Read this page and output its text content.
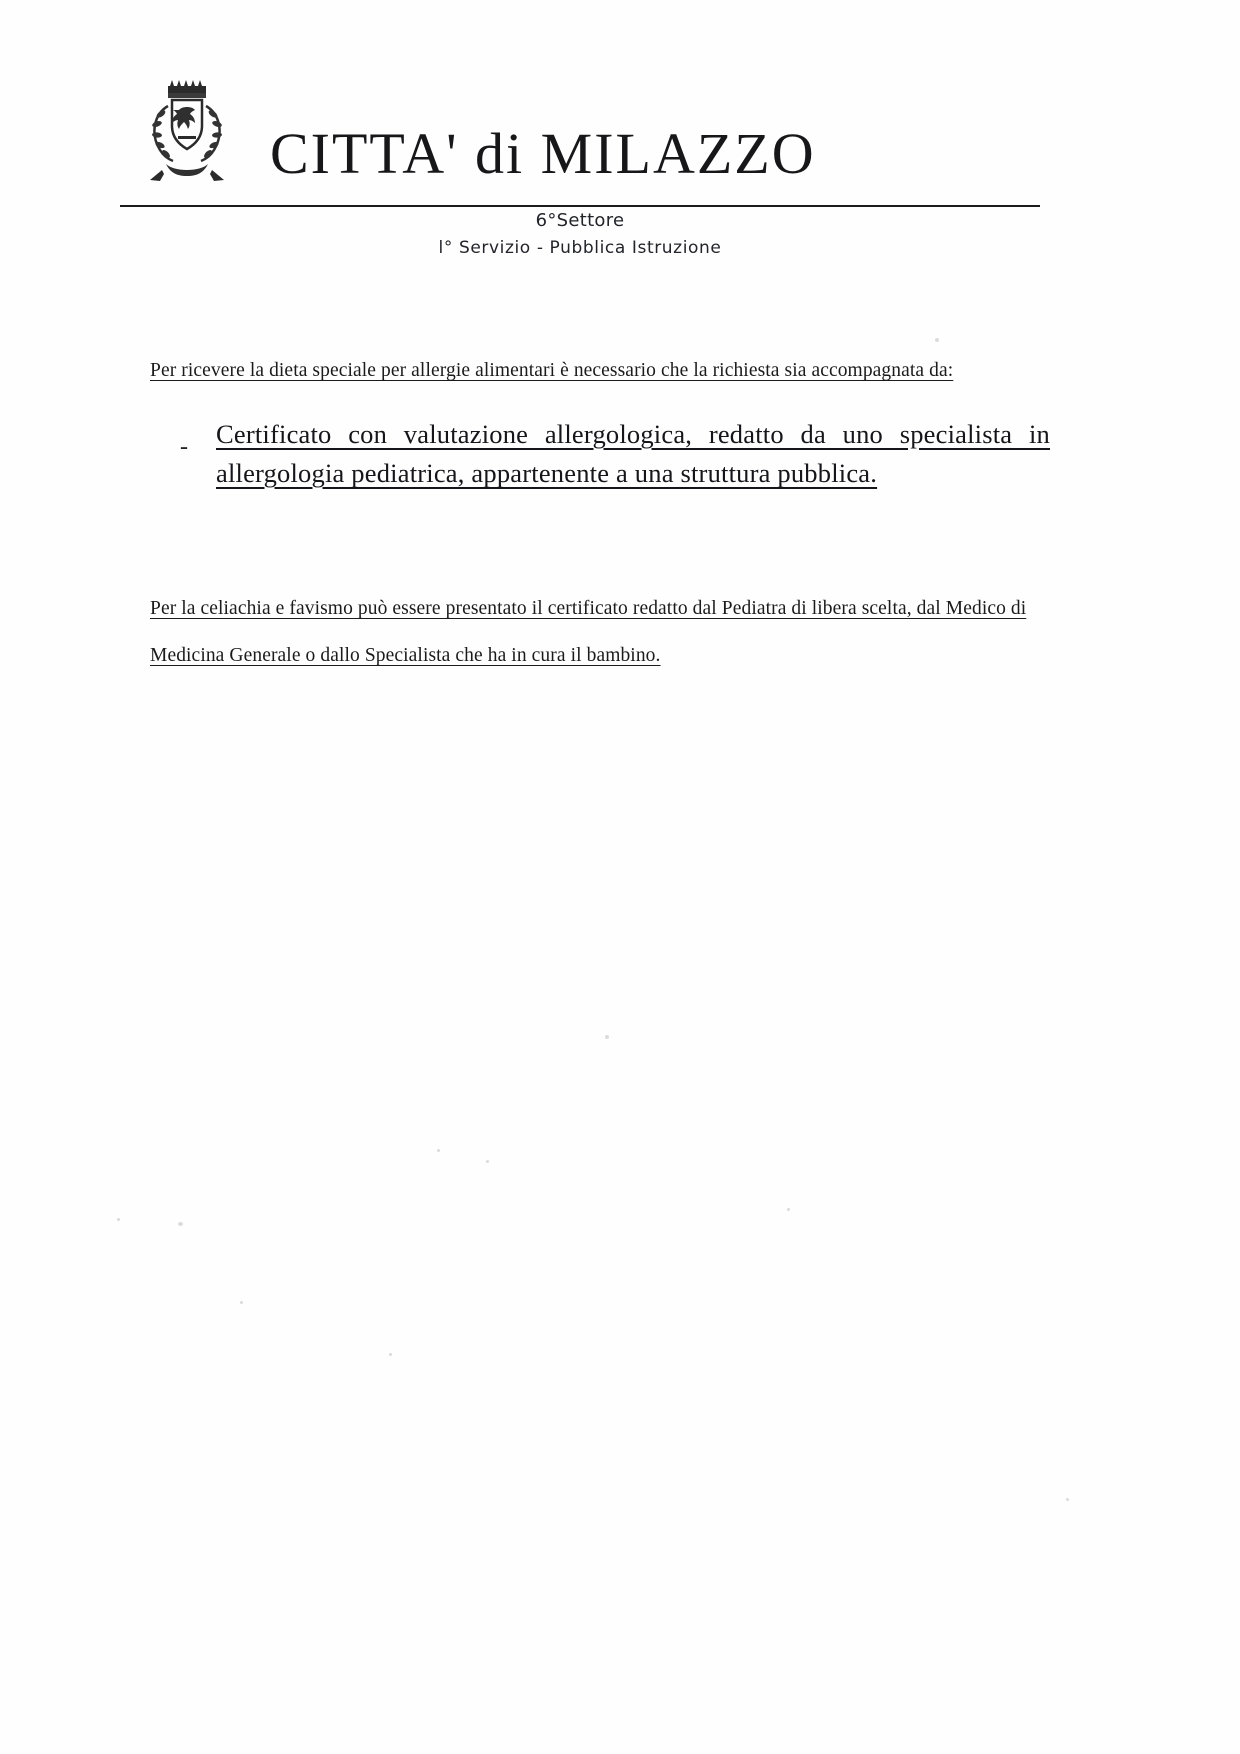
CITTA' di MILAZZO
6°Settore
l° Servizio - Pubblica Istruzione
Per ricevere la dieta speciale per allergie alimentari è necessario che la richiesta sia accompagnata da:
- Certificato con valutazione allergologica, redatto da uno specialista in allergologia pediatrica, appartenente a una struttura pubblica.
Per la celiachia e favismo può essere presentato il certificato redatto dal Pediatra di libera scelta, dal Medico di
Medicina Generale o dallo Specialista che ha in cura il bambino.
